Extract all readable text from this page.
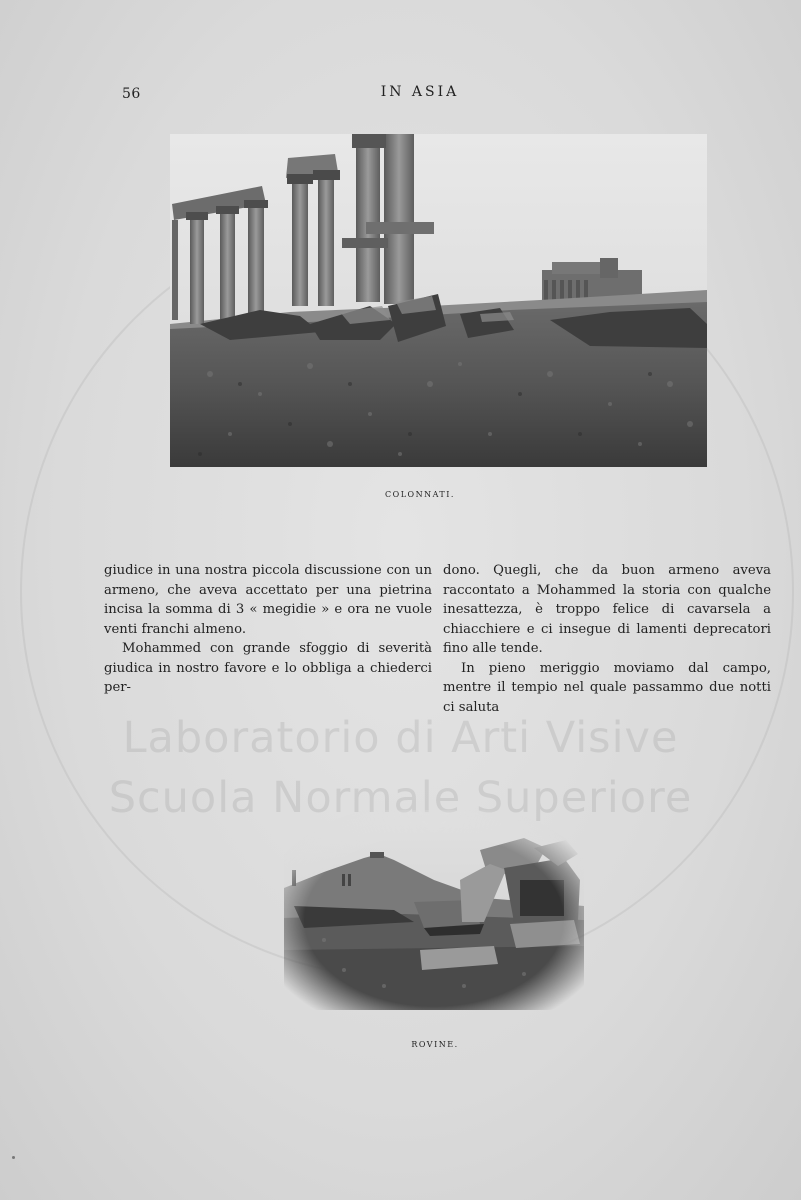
56	IN ASIA
COLONNATI.

giudice in una nostra piccola discussione con un armeno, che aveva accettato per una pietrina incisa la somma di 3 « megidie » e ora ne vuole venti franchi almeno.

Mohammed con grande sfoggio di severità giudica in nostro favore e lo obbliga a chiederci per-

dono. Quegli, che da buon armeno aveva raccontato a Mohammed la storia con qualche inesattezza, è troppo felice di cavarsela a chiacchiere e ci insegue di lamenti deprecatori fino alle tende.

In pieno meriggio moviamo dal campo, mentre il tempio nel quale passammo due notti ci saluta

Laboratorio di Arti Visive
Scuola Normale Superiore
ROVINE.
